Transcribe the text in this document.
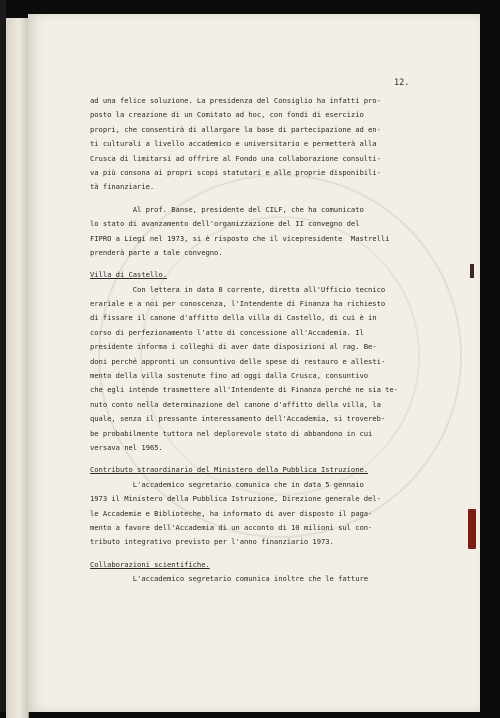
12.
ad una felice soluzione. La presidenza del Consiglio ha infatti pro-
posto la creazione di un Comitato ad hoc, con fondi di esercizio
propri, che consentirà di allargare la base di partecipazione ad en-
ti culturali a livello accademico e universitario e permetterà alla
Crusca di limitarsi ad offrire al Fondo una collaborazione consulti-
va più consona ai propri scopi statutari e alle proprie disponibili-
tà finanziarie.
Al prof. Banse, presidente del CILF, che ha comunicato
lo stato di avanzamento dell'organizzazione del II convegno del
FIPRO a Liegi nel 1973, si è risposto che il vicepresidente  Mastrelli
prenderà parte a tale convegno.
Villa di Castello.
Con lettera in data 8 corrente, diretta all'Ufficio tecnico
erariale e a noi per conoscenza, l'Intendente di Finanza ha richiesto
di fissare il canone d'affitto della villa di Castello, di cui è in
corso di perfezionamento l'atto di concessione all'Accademia. Il
presidente informa i colleghi di aver date disposizioni al rag. Be-
doni perché appronti un consuntivo delle spese di restauro e allesti-
mento della villa sostenute fino ad oggi dalla Crusca, consuntivo
che egli intende trasmettere all'Intendente di Finanza perché ne sia te-
nuto conto nella determinazione del canone d'affitto della villa, la
quale, senza il pressante interessamento dell'Accademia, si trovereb-
be probabilmente tuttora nel deplorevole stato di abbandono in cui
versava nel 1965.
Contributo straordinario del Ministero della Pubblica Istruzione.
L'accademico segretario comunica che in data 5 gennaio
1973 il Ministero della Pubblica Istruzione, Direzione generale del-
le Accademie e Biblioteche, ha informato di aver disposto il paga-
mento a favore dell'Accademia di un acconto di 10 milioni sul con-
tributo integrativo previsto per l'anno finanziario 1973.
Collaborazioni scientifiche.
L'accademico segretario comunica inoltre che le fatture
